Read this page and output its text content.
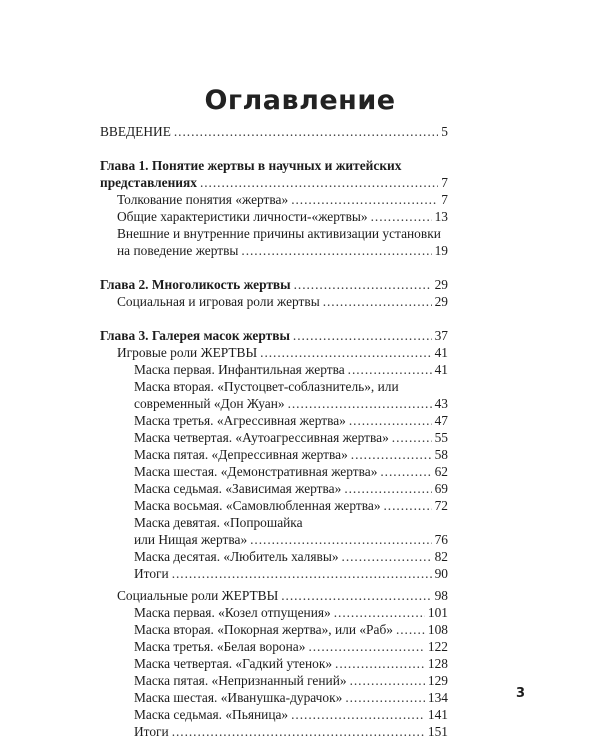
Оглавление
ВВЕДЕНИЕ . . .	5
Глава 1. Понятие жертвы в научных и житейских
представлениях . . .	7
Толкование понятия «жертва» . . .	7
Общие характеристики личности-«жертвы» . . .	13
Внешние и внутренние причины активизации установки
на поведение жертвы . . .	19
Глава 2. Многоликость жертвы . . .	29
Социальная и игровая роли жертвы . . .	29
Глава 3. Галерея масок жертвы . . .	37
Игровые роли ЖЕРТВЫ . . .	41
Маска первая. Инфантильная жертва . . .	41
Маска вторая. «Пустоцвет-соблазнитель», или
современный «Дон Жуан» . . .	43
Маска третья. «Агрессивная жертва» . . .	47
Маска четвертая. «Аутоагрессивная жертва» . . .	55
Маска пятая. «Депрессивная жертва» . . .	58
Маска шестая. «Демонстративная жертва» . . .	62
Маска седьмая. «Зависимая жертва» . . .	69
Маска восьмая. «Самовлюбленная жертва» . . .	72
Маска девятая. «Попрошайка
или Нищая жертва» . . .	76
Маска десятая. «Любитель халявы» . . .	82
Итоги . . .	90
Социальные роли ЖЕРТВЫ . . .	98
Маска первая. «Козел отпущения» . . .	101
Маска вторая. «Покорная жертва», или «Раб» . . .	108
Маска третья. «Белая ворона» . . .	122
Маска четвертая. «Гадкий утенок» . . .	128
Маска пятая. «Непризнанный гений» . . .	129
Маска шестая. «Иванушка-дурачок» . . .	134
Маска седьмая. «Пьяница» . . .	141
Итоги . . .	151
3
